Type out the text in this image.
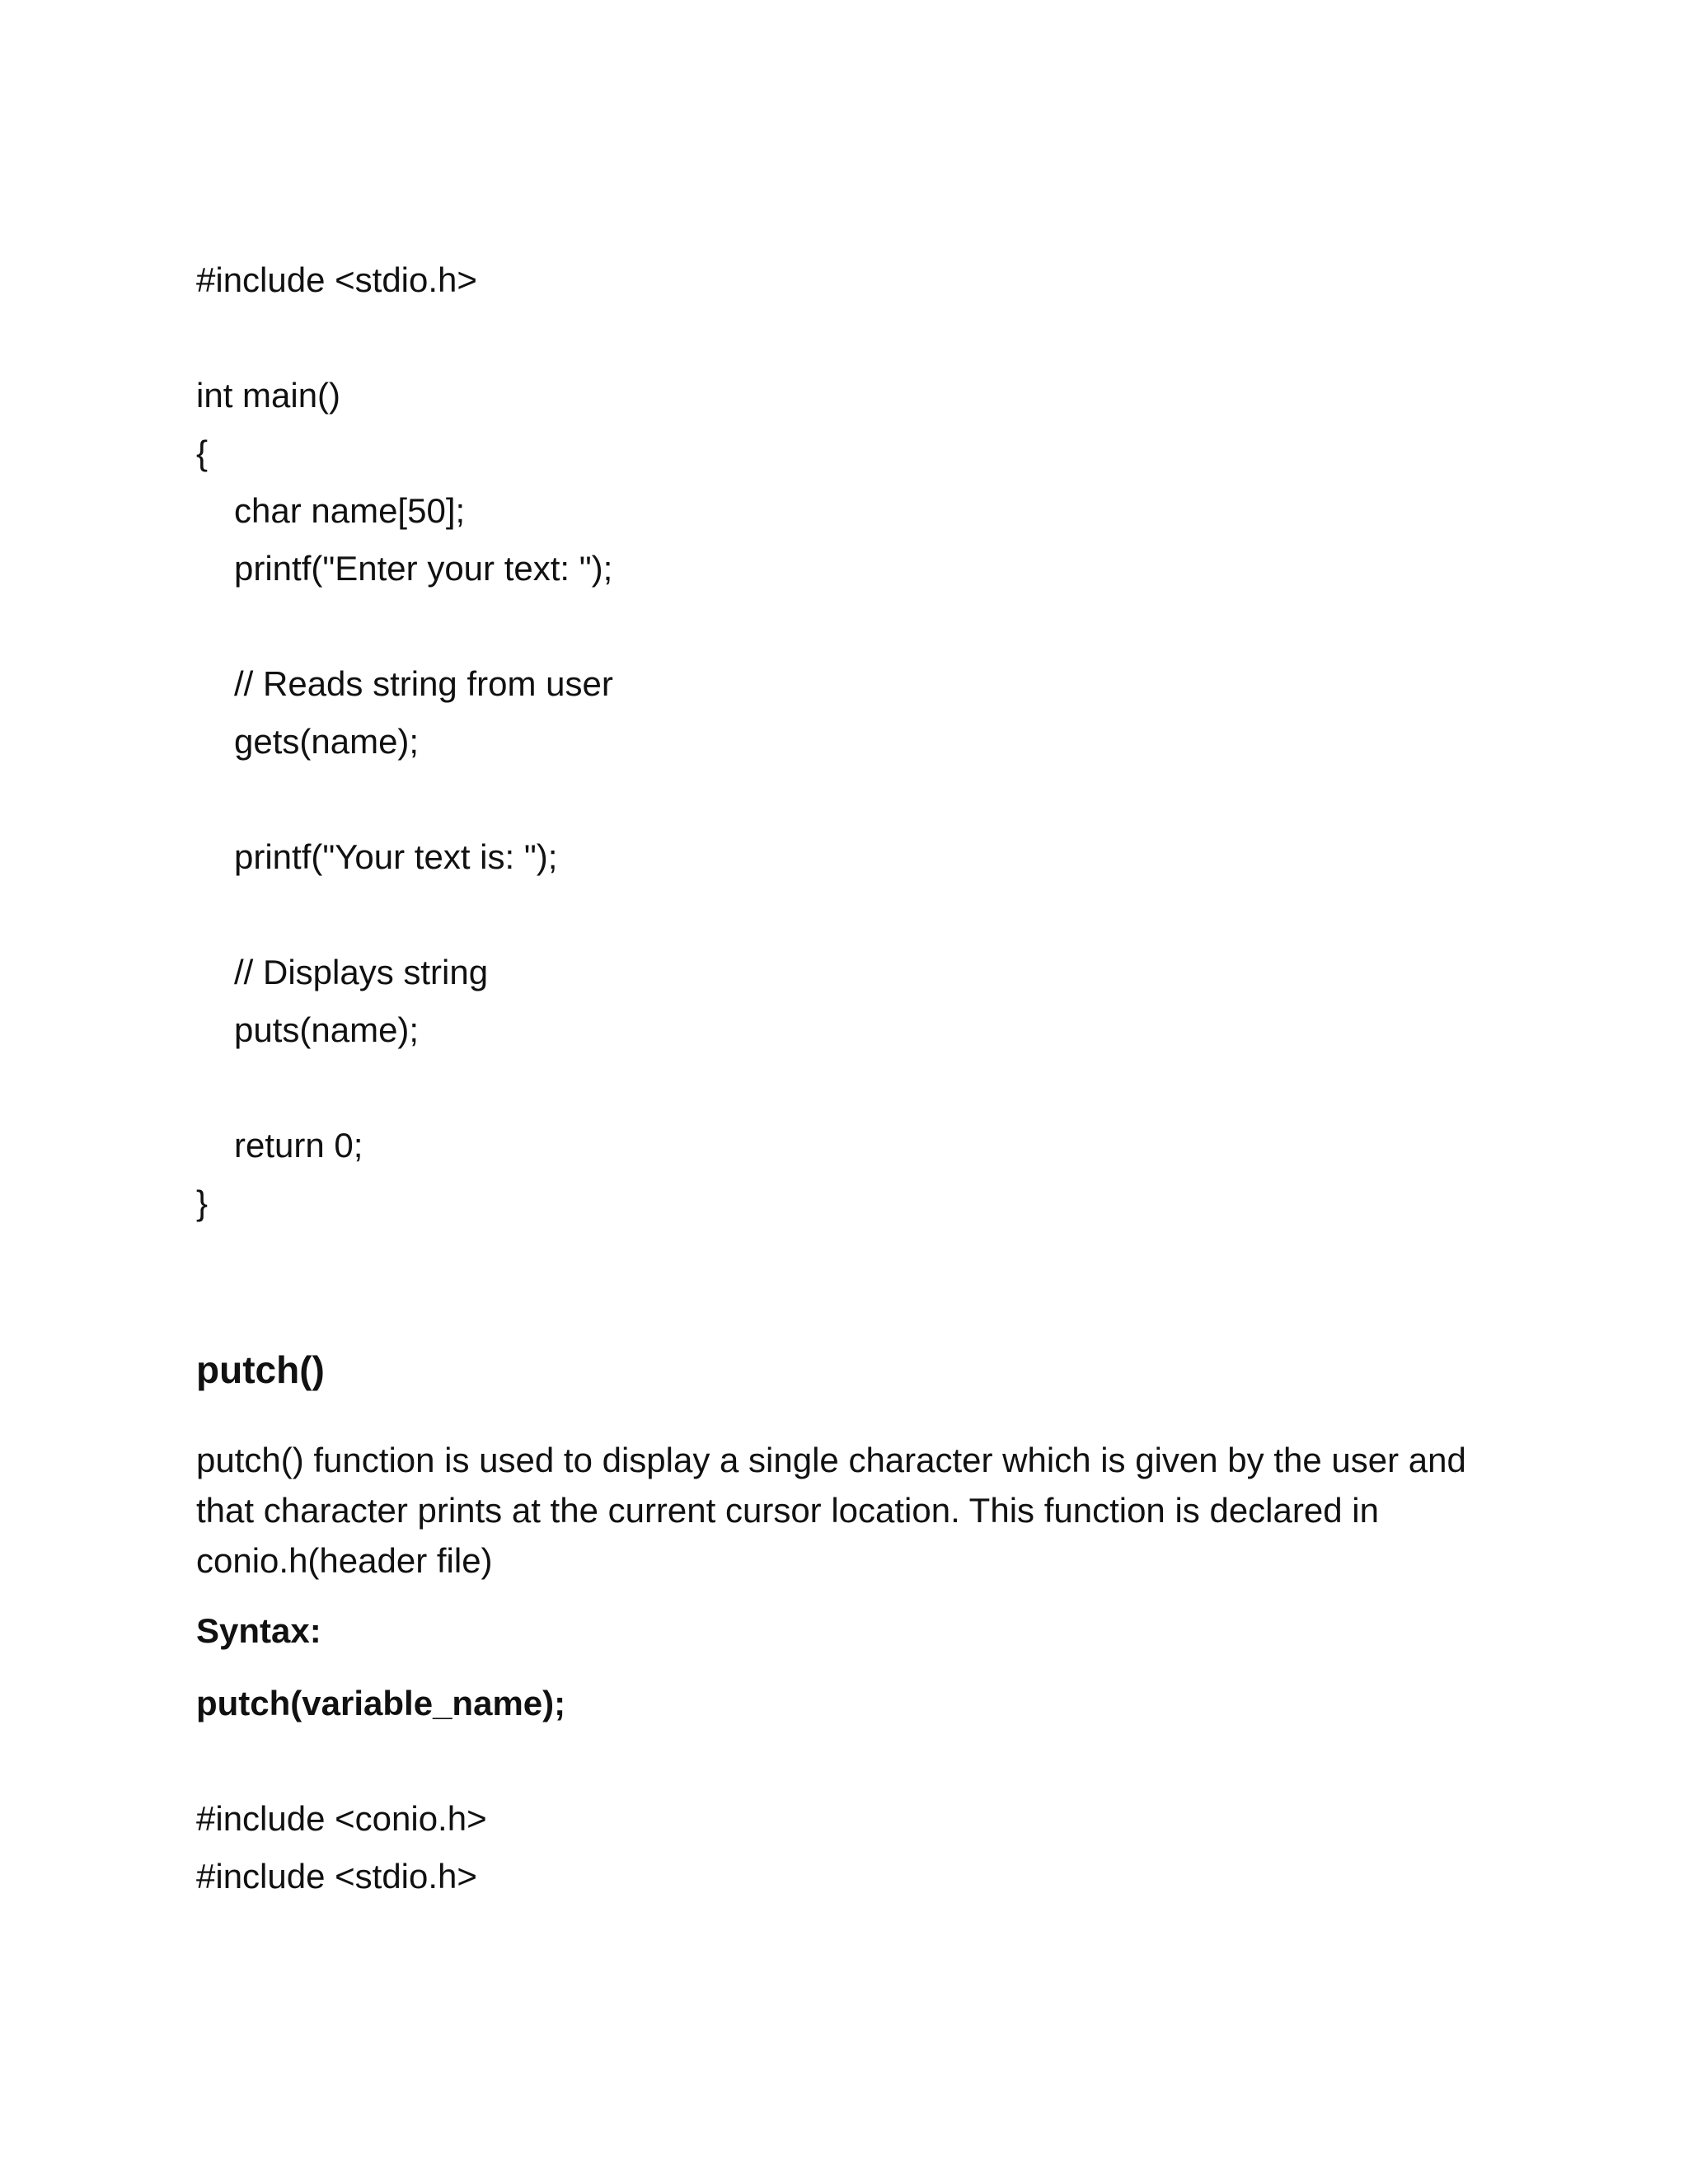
#include <stdio.h>
int main()
{
char name[50];
printf("Enter your text: ");
// Reads string from user
gets(name);
printf("Your text is: ");
// Displays string
puts(name);
return 0;
}
putch()
putch() function is used to display a single character which is given by the user and that character prints at the current cursor location. This function is declared in conio.h(header file)
Syntax:
putch(variable_name);
#include <conio.h>
#include <stdio.h>
